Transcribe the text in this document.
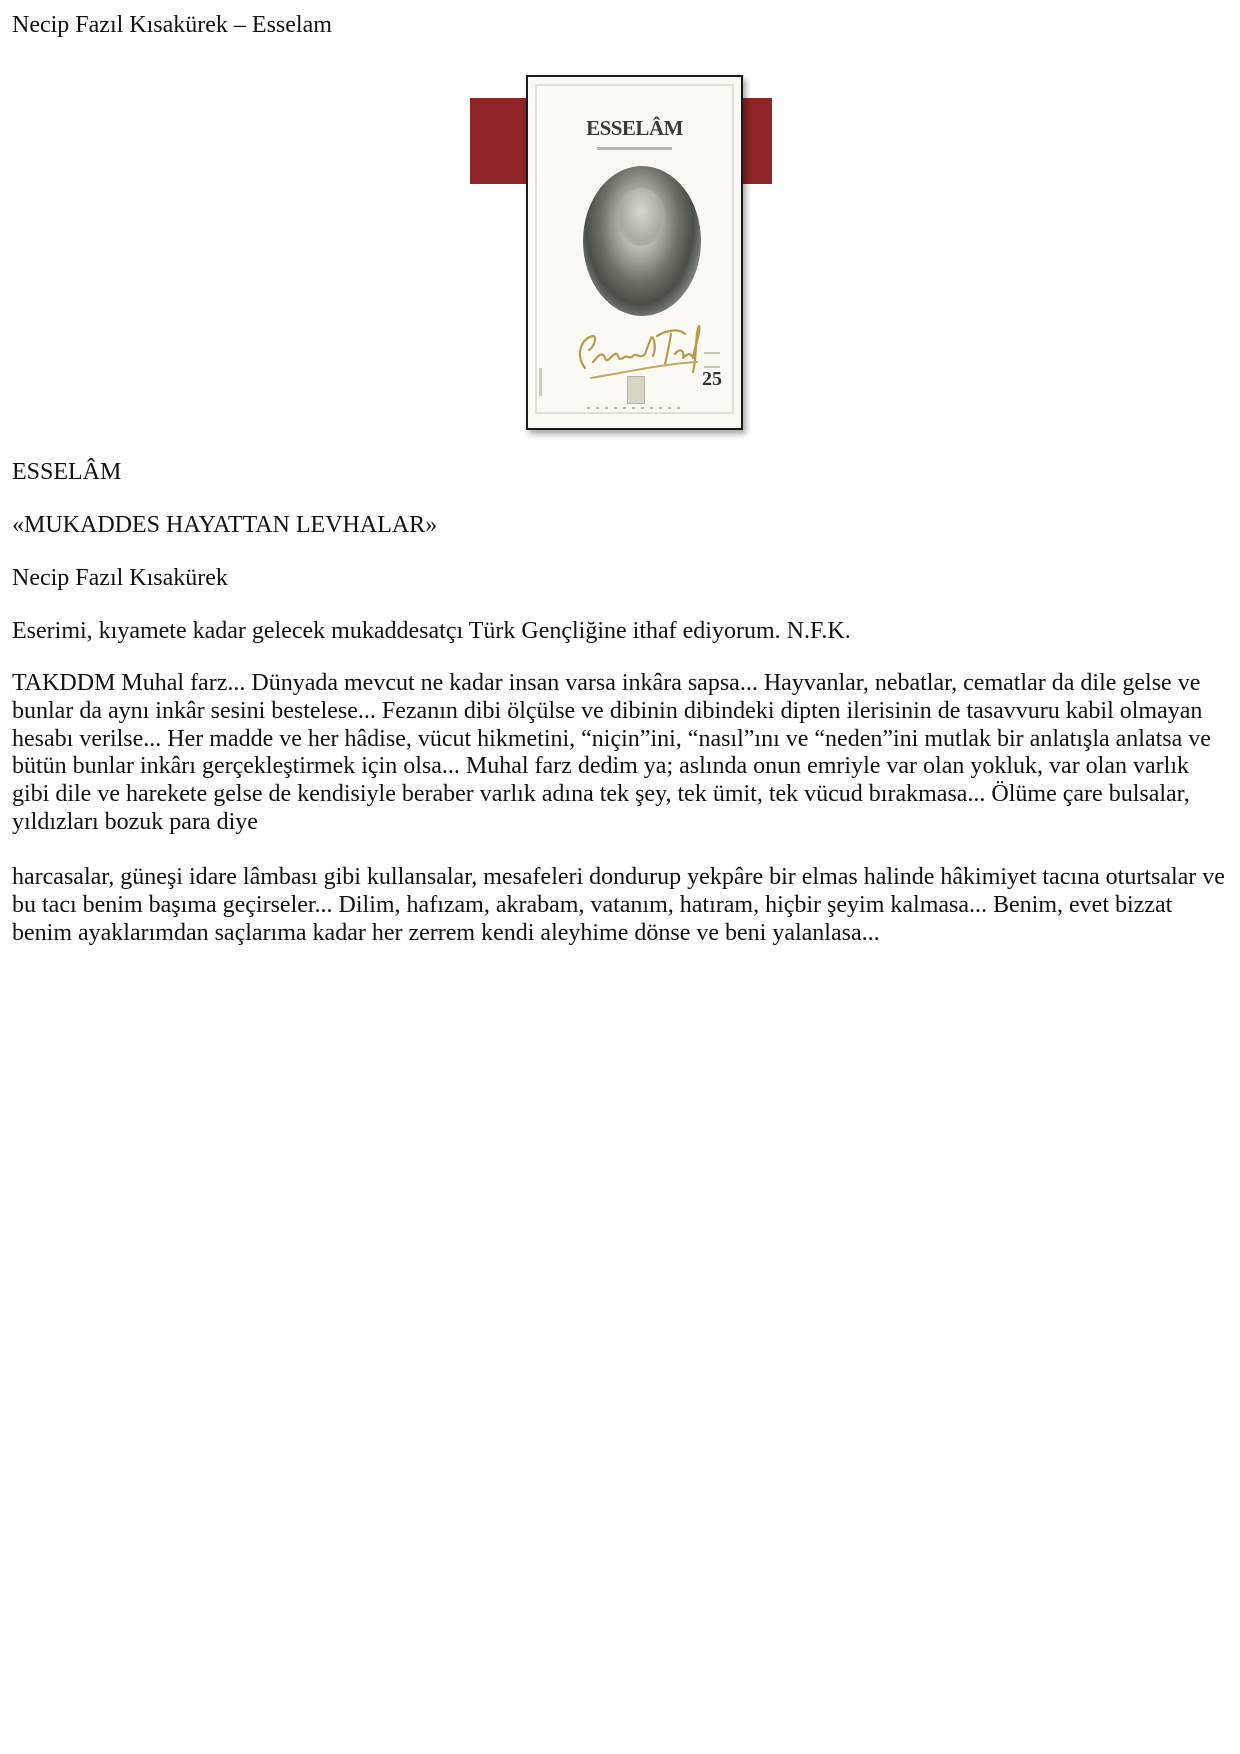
Necip Fazıl Kısakürek – Esselam
ESSELÂM
25
ESSELÂM
«MUKADDES HAYATTAN LEVHALAR»
Necip Fazıl Kısakürek
Eserimi, kıyamete kadar gelecek mukaddesatçı Türk Gençliğine ithaf ediyorum. N.F.K.
TAKDDM Muhal farz... Dünyada mevcut ne kadar insan varsa inkâra sapsa... Hayvanlar, nebatlar, cematlar da dile gelse ve bunlar da aynı inkâr sesini bestelese... Fezanın dibi ölçülse ve dibinin dibindeki dipten ilerisinin de tasavvuru kabil olmayan hesabı verilse... Her madde ve her hâdise, vücut hikmetini, “niçin”ini, “nasıl”ını ve “neden”ini mutlak bir anlatışla anlatsa ve bütün bunlar inkârı gerçekleştirmek için olsa... Muhal farz dedim ya; aslında onun emriyle var olan yokluk, var olan varlık gibi dile ve harekete gelse de kendisiyle beraber varlık adına tek şey, tek ümit, tek vücud bırakmasa... Ölüme çare bulsalar, yıldızları bozuk para diye
harcasalar, güneşi idare lâmbası gibi kullansalar, mesafeleri dondurup yekpâre bir elmas halinde hâkimiyet tacına oturtsalar ve bu tacı benim başıma geçirseler... Dilim, hafızam, akrabam, vatanım, hatıram, hiçbir şeyim kalmasa... Benim, evet bizzat benim ayaklarımdan saçlarıma kadar her zerrem kendi aleyhime dönse ve beni yalanlasa...
